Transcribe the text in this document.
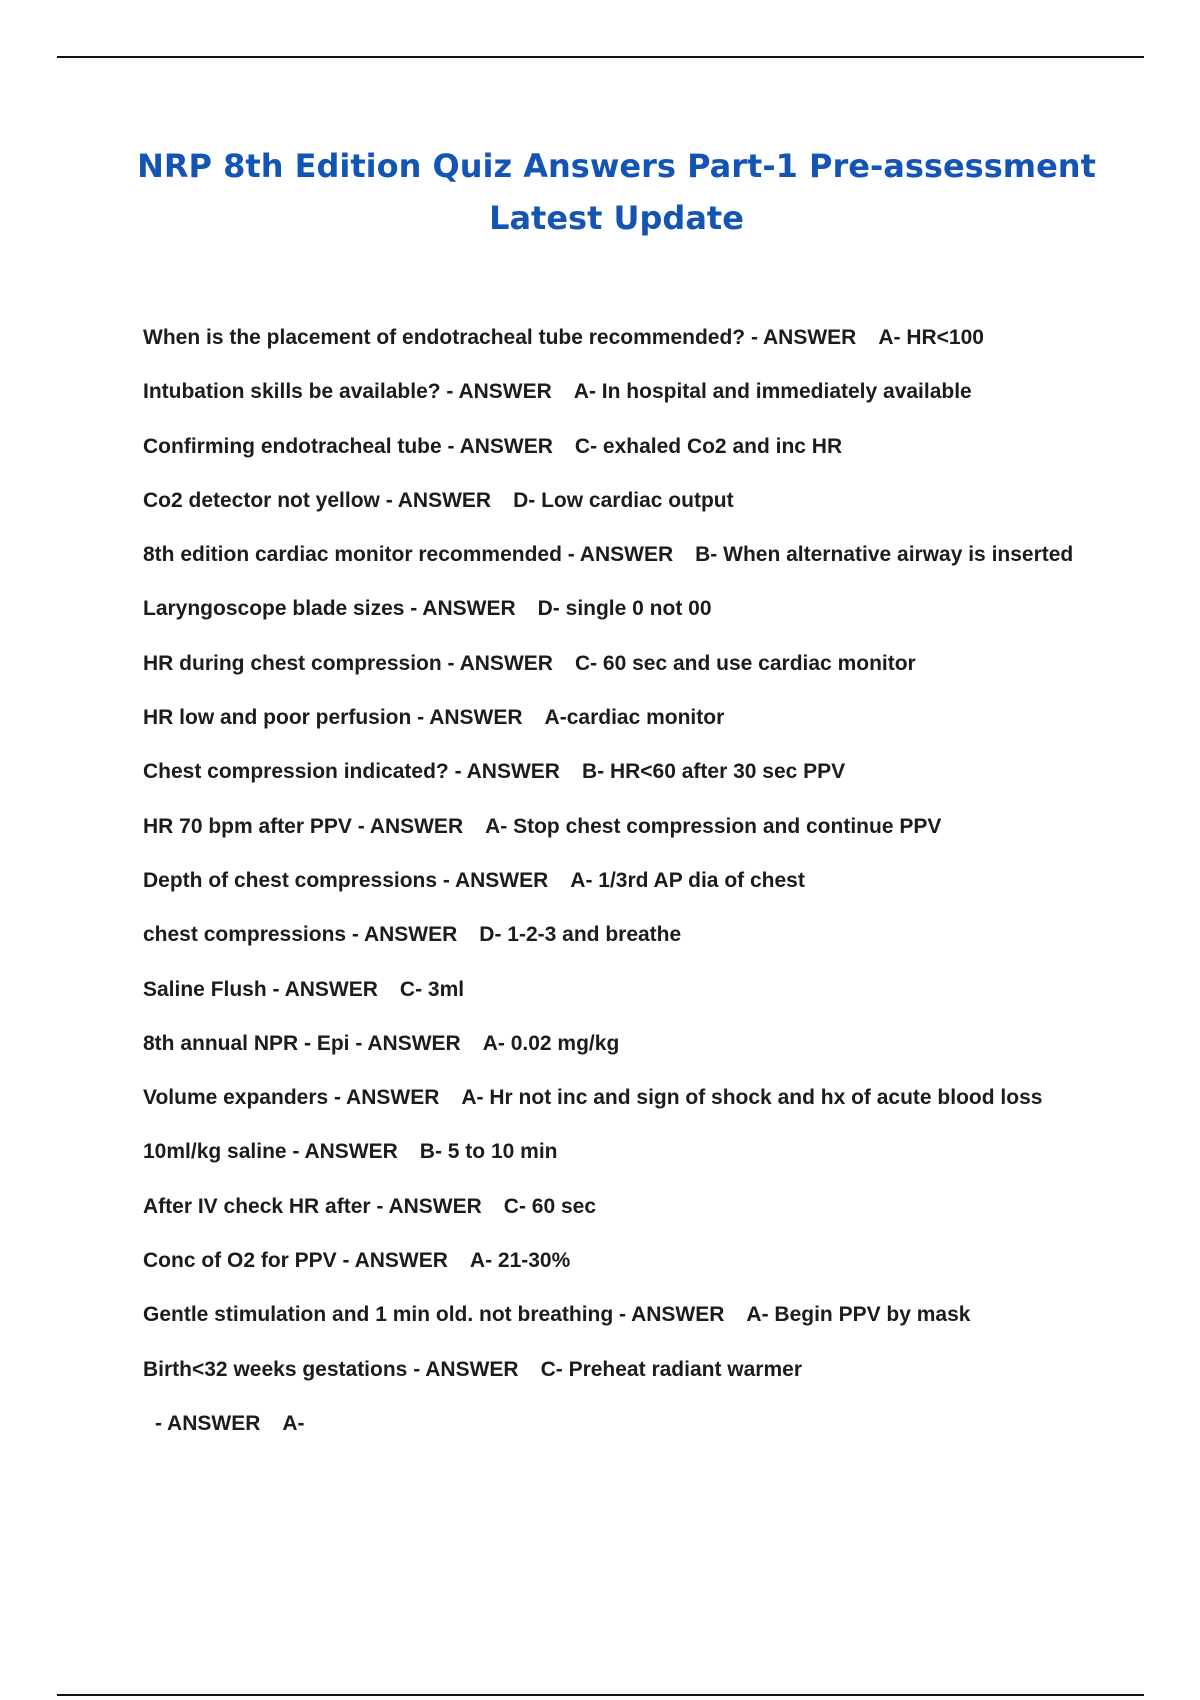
NRP 8th Edition Quiz Answers Part-1 Pre-assessment Latest Update
When is the placement of endotracheal tube recommended? - ANSWER A- HR<100
Intubation skills be available? - ANSWER A- In hospital and immediately available
Confirming endotracheal tube - ANSWER C- exhaled Co2 and inc HR
Co2 detector not yellow - ANSWER D- Low cardiac output
8th edition cardiac monitor recommended - ANSWER B- When alternative airway is inserted
Laryngoscope blade sizes - ANSWER D- single 0 not 00
HR during chest compression - ANSWER C- 60 sec and use cardiac monitor
HR low and poor perfusion - ANSWER A-cardiac monitor
Chest compression indicated? - ANSWER B- HR<60 after 30 sec PPV
HR 70 bpm after PPV - ANSWER A- Stop chest compression and continue PPV
Depth of chest compressions - ANSWER A- 1/3rd AP dia of chest
chest compressions - ANSWER D- 1-2-3 and breathe
Saline Flush - ANSWER C- 3ml
8th annual NPR - Epi - ANSWER A- 0.02 mg/kg
Volume expanders - ANSWER A- Hr not inc and sign of shock and hx of acute blood loss
10ml/kg saline - ANSWER B- 5 to 10 min
After IV check HR after - ANSWER C- 60 sec
Conc of O2 for PPV - ANSWER A- 21-30%
Gentle stimulation and 1 min old. not breathing - ANSWER A- Begin PPV by mask
Birth<32 weeks gestations - ANSWER C- Preheat radiant warmer
- ANSWER A-
